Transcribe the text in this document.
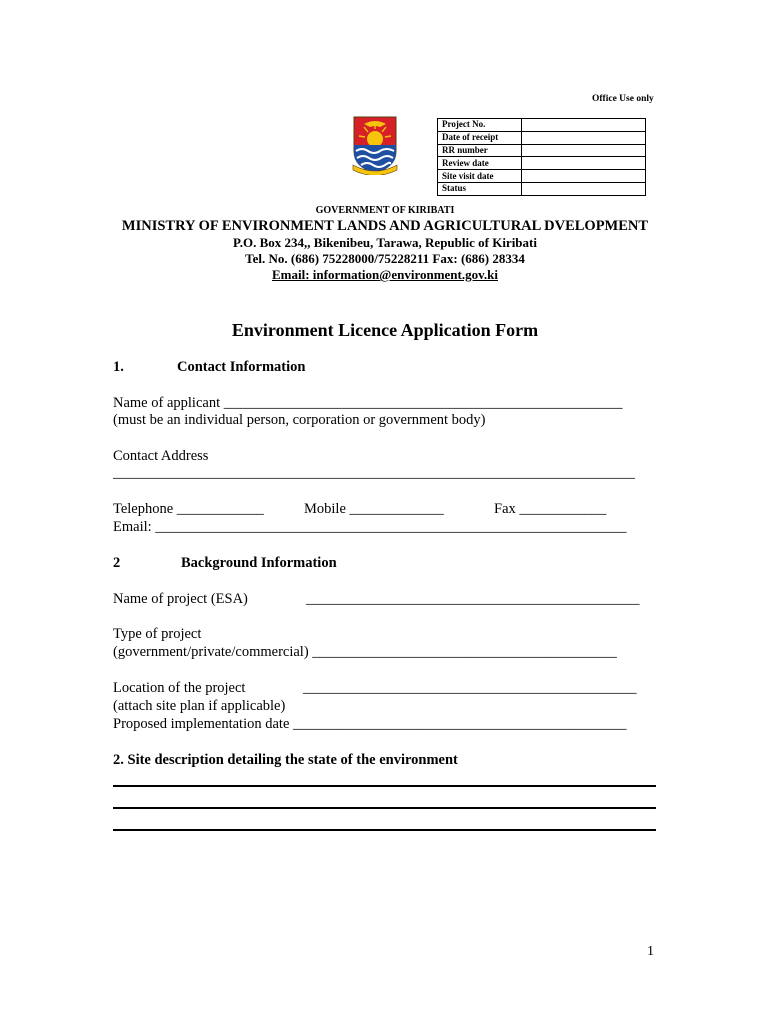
Office Use only
Project No.	
Date of receipt	
RR number	
Review date	
Site visit date	
Status	
GOVERNMENT OF KIRIBATI
MINISTRY OF ENVIRONMENT LANDS AND AGRICULTURAL DVELOPMENT
P.O. Box 234,, Bikenibeu, Tarawa, Republic of Kiribati
Tel. No. (686) 75228000/75228211 Fax: (686) 28334
Email: information@environment.gov.ki
Environment Licence Application Form
1.	Contact Information
Name of applicant _______________________________________________________
(must be an individual person, corporation or government body)
Contact Address
________________________________________________________________________
Telephone ____________	Mobile _____________	Fax ____________
Email: _________________________________________________________________
2	Background Information
Name of project (ESA)	______________________________________________
Type of project
(government/private/commercial) __________________________________________
Location of the project	______________________________________________
(attach site plan if applicable)
Proposed implementation date ______________________________________________
2. Site description detailing the state of the environment
1
